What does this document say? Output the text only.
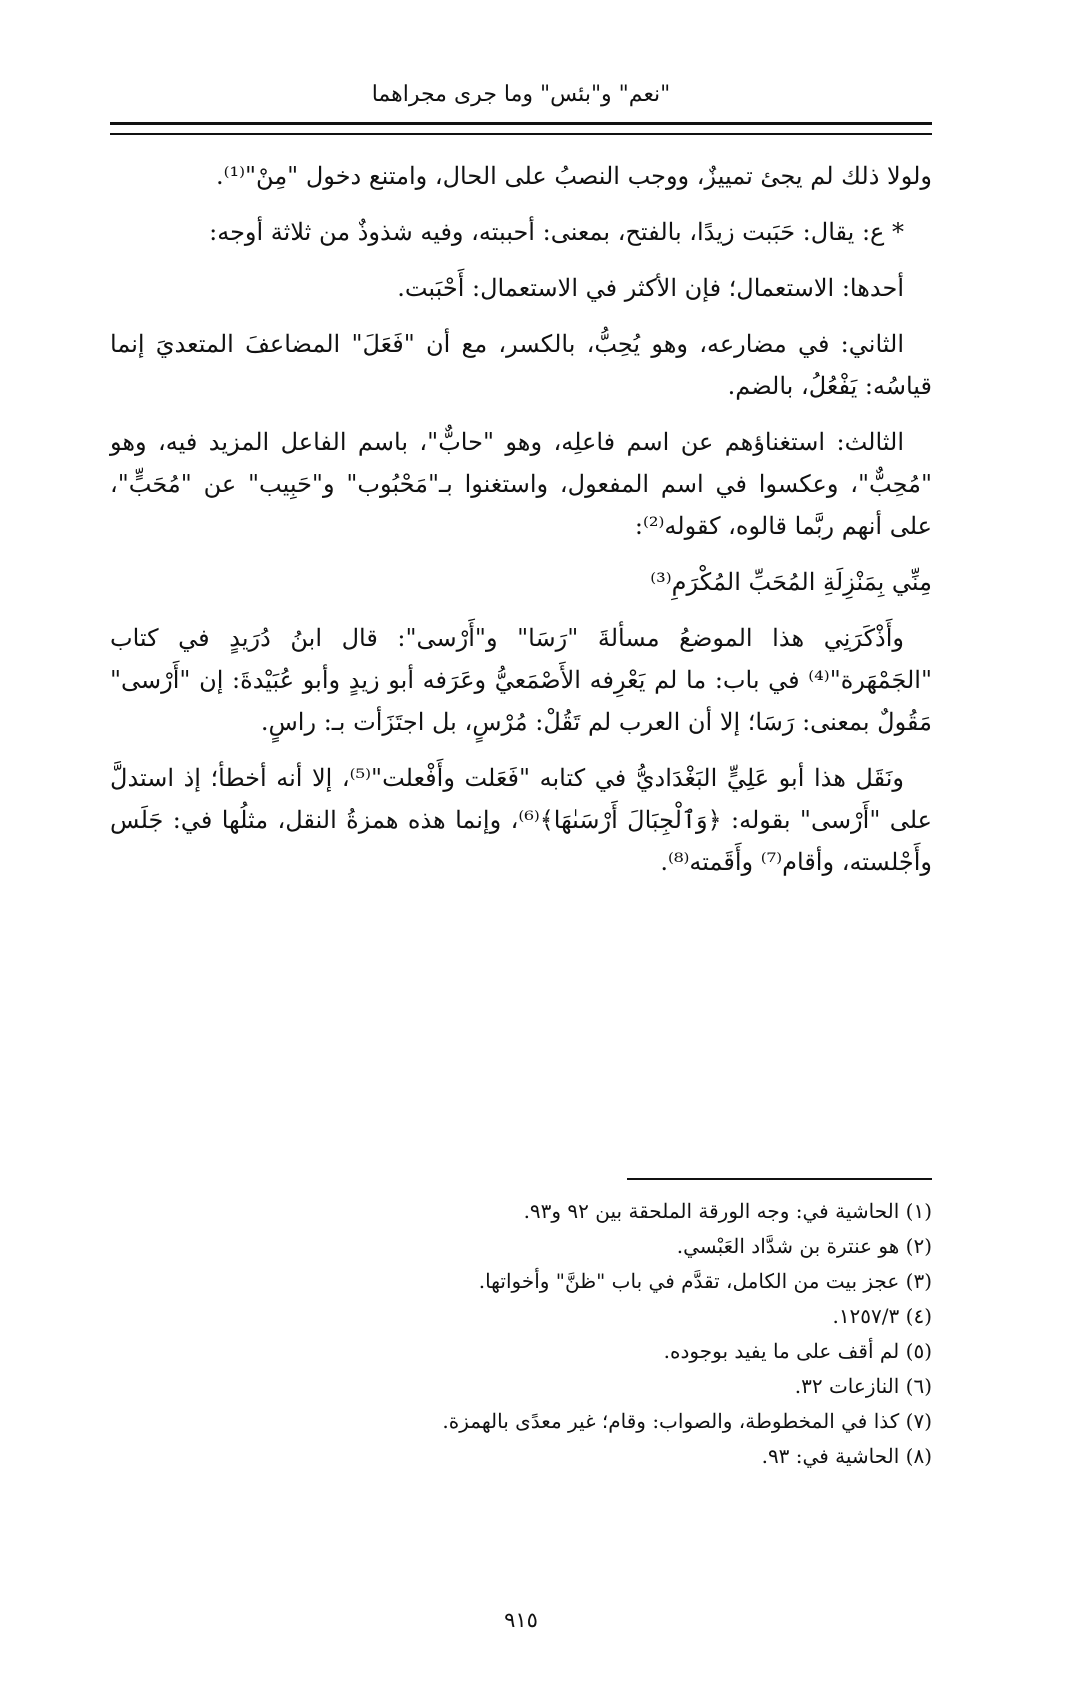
"نعم" و"بئس" وما جرى مجراهما

ولولا ذلك لم يجئ تمييزٌ، ووجب النصبُ على الحال، وامتنع دخول "مِنْ"⁽¹⁾.

* ع: يقال: حَبَبت زيدًا، بالفتح، بمعنى: أحببته، وفيه شذوذٌ من ثلاثة أوجه:

أحدها: الاستعمال؛ فإن الأكثر في الاستعمال: أَحْبَبت.

الثاني: في مضارعه، وهو يُحِبُّ، بالكسر، مع أن "فَعَلَ" المضاعفَ المتعديَ إنما قياسُه: يَفْعُلُ، بالضم.

الثالث: استغناؤهم عن اسم فاعلِه، وهو "حابٌّ"، باسم الفاعل المزيد فيه، وهو "مُحِبٌّ"، وعكسوا في اسم المفعول، واستغنوا بـ"مَحْبُوب" و"حَبِيب" عن "مُحَبٍّ"، على أنهم ربَّما قالوه، كقوله⁽²⁾:

مِنِّي بِمَنْزِلَةِ المُحَبِّ المُكْرَمِ⁽³⁾

وأَذْكَرَنِي هذا الموضعُ مسألةَ "رَسَا" و"أَرْسى": قال ابنُ دُرَيدٍ في كتاب "الجَمْهَرة"⁽⁴⁾ في باب: ما لم يَعْرِفه الأَصْمَعيُّ وعَرَفه أبو زيدٍ وأبو عُبَيْدةَ: إن "أَرْسى" مَقُولٌ بمعنى: رَسَا؛ إلا أن العرب لم تَقُلْ: مُرْسٍ، بل اجتَزَأت بـ: راسٍ.

ونَقَل هذا أبو عَلِيٍّ البَغْدَاديُّ في كتابه "فَعَلت وأَفْعلت"⁽⁵⁾، إلا أنه أخطأ؛ إذ استدلَّ على "أَرْسى" بقوله: ﴿وَٱلْجِبَالَ أَرْسَىٰهَا﴾⁽⁶⁾، وإنما هذه همزةُ النقل، مثلُها في: جَلَس وأَجْلسته، وأقام⁽⁷⁾ وأَقَمته⁽⁸⁾.

(١) الحاشية في: وجه الورقة الملحقة بين ٩٢ و٩٣.

(٢) هو عنترة بن شدَّاد العَبْسي.

(٣) عجز بيت من الكامل، تقدَّم في باب "ظنَّ" وأخواتها.

(٤) ١٢٥٧/٣.

(٥) لم أقف على ما يفيد بوجوده.

(٦) النازعات ٣٢.

(٧) كذا في المخطوطة، والصواب: وقام؛ غير معدًى بالهمزة.

(٨) الحاشية في: ٩٣.

٩١٥
